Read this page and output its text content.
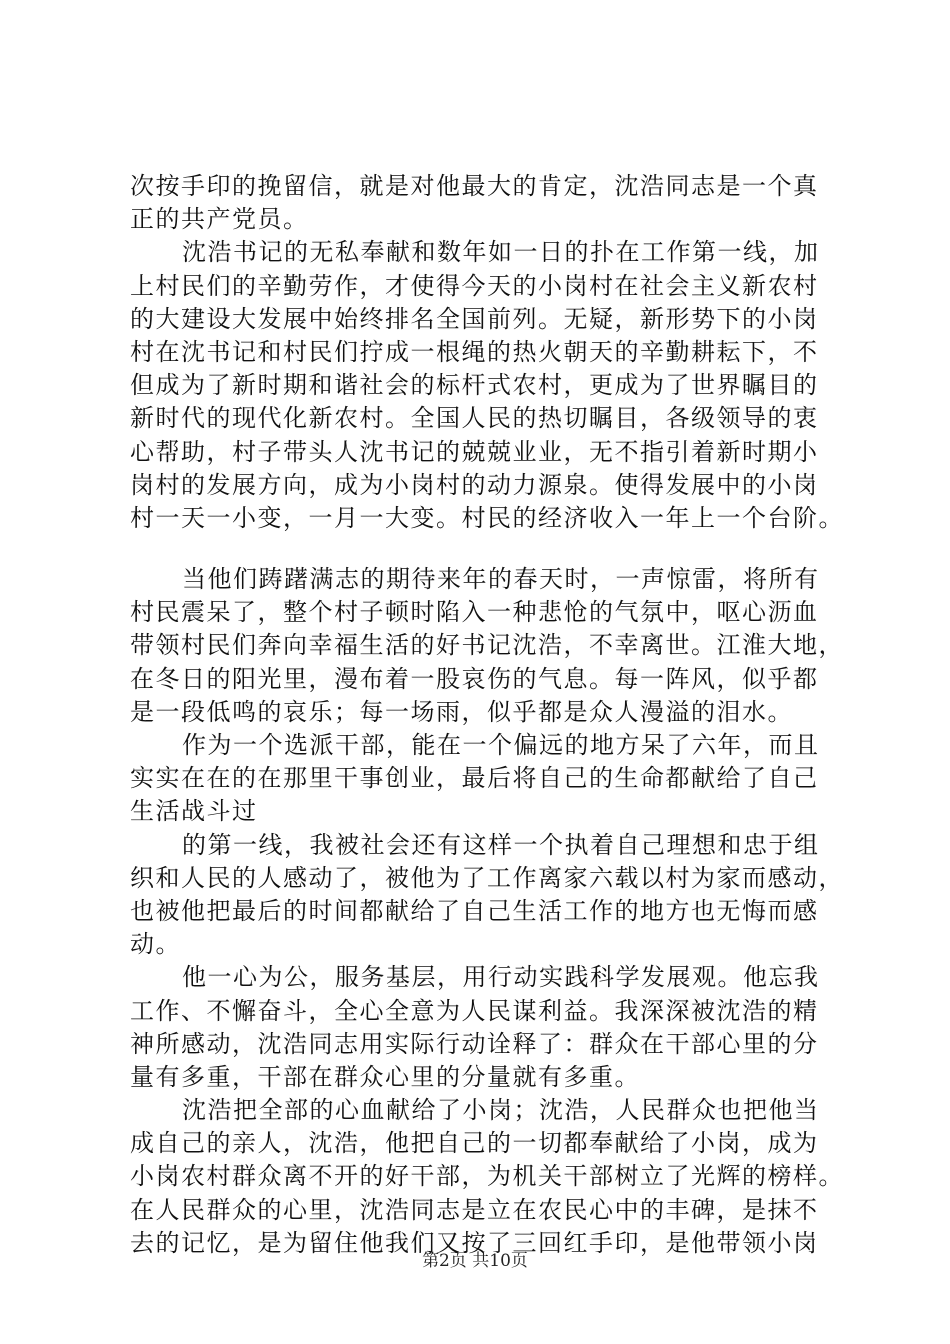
次按手印的挽留信，就是对他最大的肯定，沈浩同志是一个真
正的共产党员。
沈浩书记的无私奉献和数年如一日的扑在工作第一线，加
上村民们的辛勤劳作，才使得今天的小岗村在社会主义新农村
的大建设大发展中始终排名全国前列。无疑，新形势下的小岗
村在沈书记和村民们拧成一根绳的热火朝天的辛勤耕耘下，不
但成为了新时期和谐社会的标杆式农村，更成为了世界瞩目的
新时代的现代化新农村。全国人民的热切瞩目，各级领导的衷
心帮助，村子带头人沈书记的兢兢业业，无不指引着新时期小
岗村的发展方向，成为小岗村的动力源泉。使得发展中的小岗
村一天一小变，一月一大变。村民的经济收入一年上一个台阶。
当他们踌躇满志的期待来年的春天时，一声惊雷，将所有
村民震呆了，整个村子顿时陷入一种悲怆的气氛中，呕心沥血
带领村民们奔向幸福生活的好书记沈浩，不幸离世。江淮大地，
在冬日的阳光里，漫布着一股哀伤的气息。每一阵风，似乎都
是一段低鸣的哀乐；每一场雨，似乎都是众人漫溢的泪水。
作为一个选派干部，能在一个偏远的地方呆了六年，而且
实实在在的在那里干事创业，最后将自己的生命都献给了自己
生活战斗过
的第一线，我被社会还有这样一个执着自己理想和忠于组
织和人民的人感动了，被他为了工作离家六载以村为家而感动，
也被他把最后的时间都献给了自己生活工作的地方也无悔而感
动。
他一心为公，服务基层，用行动实践科学发展观。他忘我
工作、不懈奋斗，全心全意为人民谋利益。我深深被沈浩的精
神所感动，沈浩同志用实际行动诠释了：群众在干部心里的分
量有多重，干部在群众心里的分量就有多重。
沈浩把全部的心血献给了小岗；沈浩，人民群众也把他当
成自己的亲人，沈浩，他把自己的一切都奉献给了小岗，成为
小岗农村群众离不开的好干部，为机关干部树立了光辉的榜样。
在人民群众的心里，沈浩同志是立在农民心中的丰碑，是抹不
去的记忆，是为留住他我们又按了三回红手印，是他带领小岗
第2页 共10页
